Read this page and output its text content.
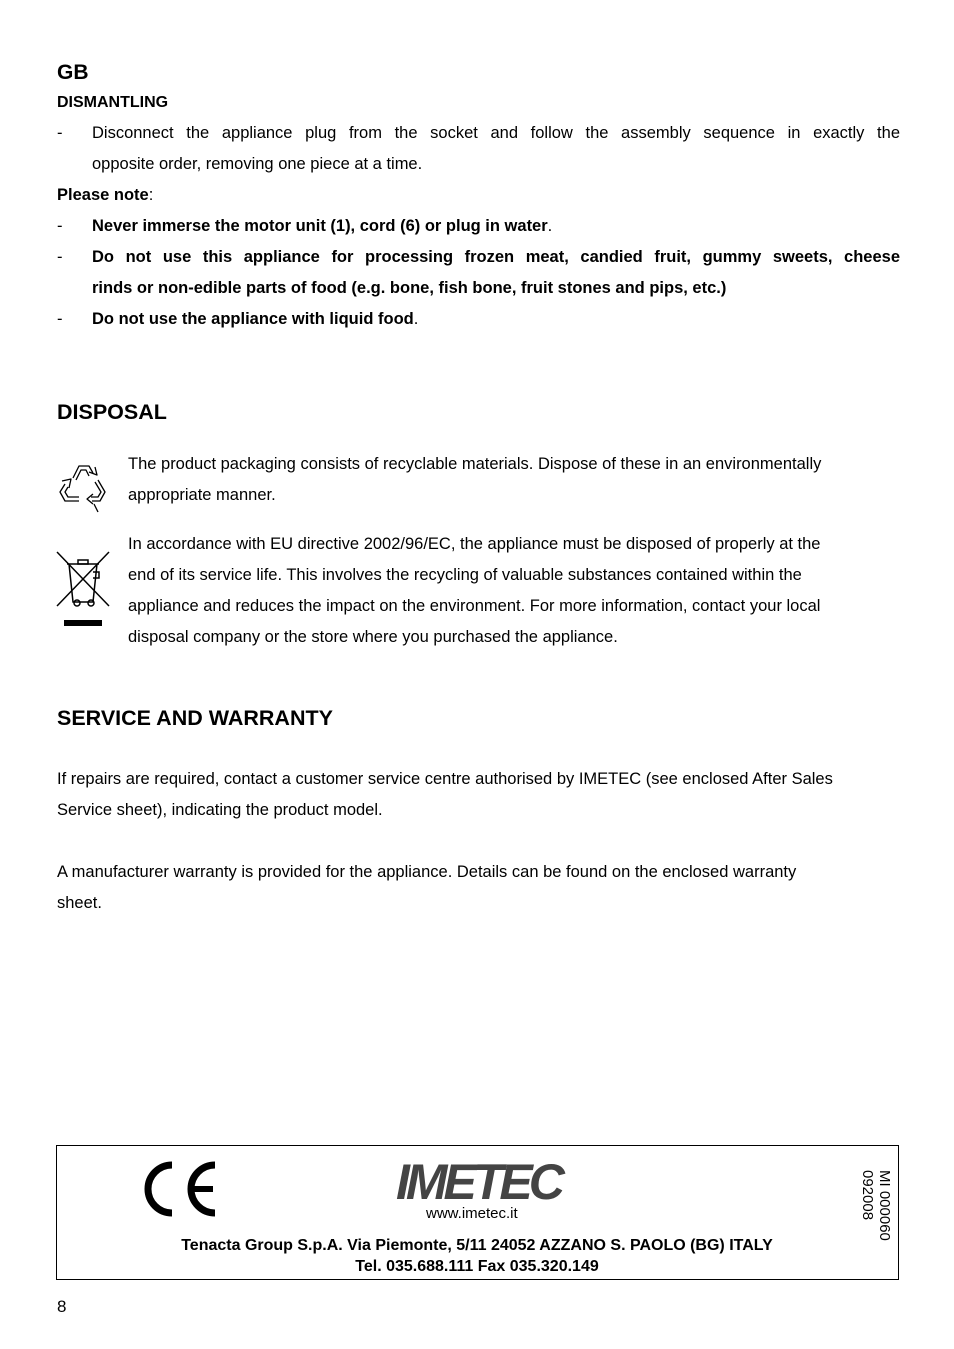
GB
DISMANTLING
-	Disconnect the appliance plug from the socket and follow the assembly sequence in exactly the
opposite order, removing one piece at a time.
Please note:
-	Never immerse the motor unit (1), cord (6) or plug in water.
-	Do not use this appliance for processing frozen meat, candied fruit, gummy sweets, cheese
rinds or non-edible parts of food (e.g. bone, fish bone, fruit stones and pips, etc.)
-	Do not use the appliance with liquid food.
DISPOSAL
The product packaging consists of recyclable materials. Dispose of these in an environmentally
appropriate manner.
In accordance with EU directive 2002/96/EC, the appliance must be disposed of properly at the
end of its service life. This involves the recycling of valuable substances contained within the
appliance and reduces the impact on the environment. For more information, contact your local
disposal company or the store where you purchased the appliance.
SERVICE AND WARRANTY
If repairs are required, contact a customer service centre authorised by IMETEC (see enclosed After Sales
Service sheet), indicating the product model.
A manufacturer warranty is provided for the appliance. Details can be found on the enclosed warranty
sheet.
IMETEC
www.imetec.it
Tenacta Group S.p.A. Via Piemonte, 5/11 24052 AZZANO S. PAOLO (BG) ITALY
Tel. 035.688.111 Fax 035.320.149
MI 000060
092008
8
